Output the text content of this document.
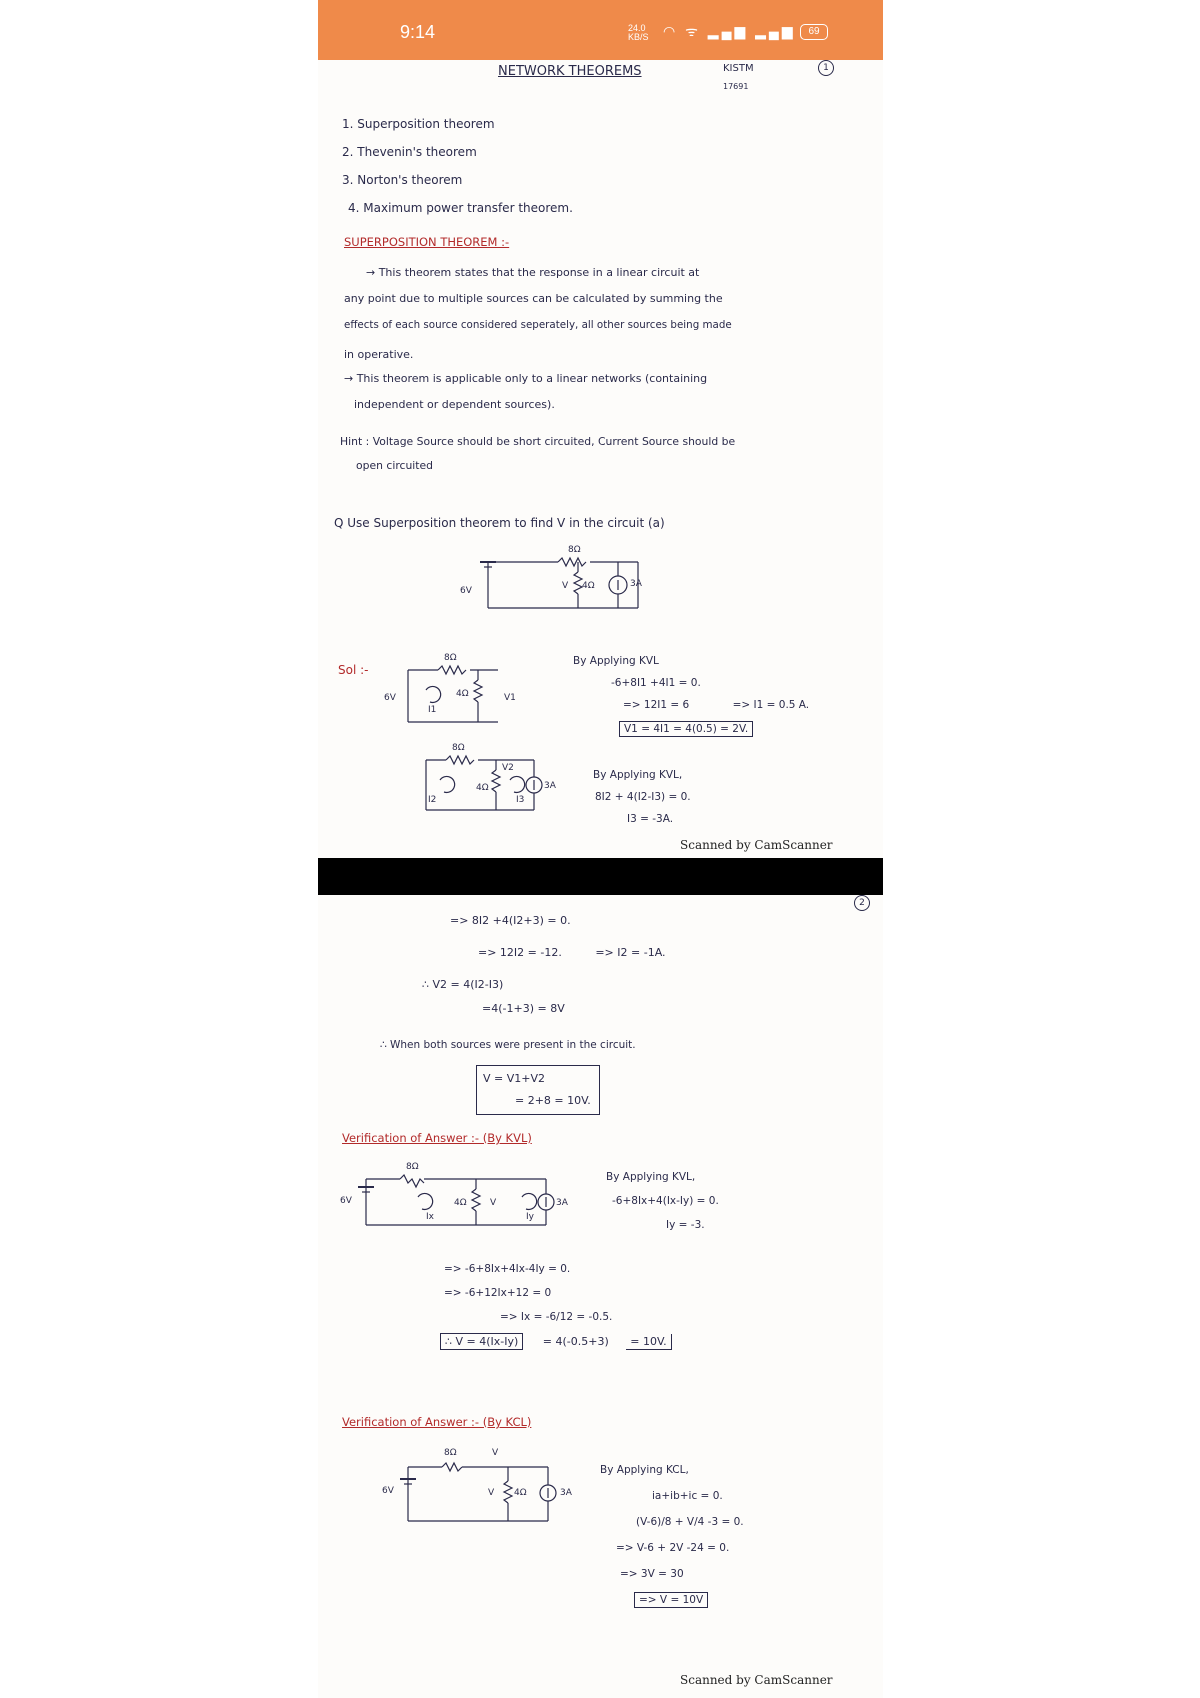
9:14	24.0 KB/S	◠ ᯤ ▂▄▆ ▂▄▆	69
NETWORK THEOREMS	KISTM
17691
1
1. Superposition theorem
2. Thevenin's theorem
3. Norton's theorem
4. Maximum power transfer theorem.
SUPERPOSITION THEOREM :-
→ This theorem states that the response in a linear circuit at
any point due to multiple sources can be calculated by summing the
effects of each source considered seperately, all other sources being made
in operative.
→ This theorem is applicable only to a linear networks (containing
independent or dependent sources).
Hint : Voltage Source should be short circuited, Current Source should be
open circuited
Q Use Superposition theorem to find V in the circuit (a)
8Ω
4Ω
6V
3A
V
Sol :-
6V
8Ω
4Ω
I1
V1
By Applying KVL
-6+8I1 +4I1 = 0.
=> 12I1 = 6	=> I1 = 0.5 A.
V1 = 4I1 = 4(0.5) = 2V.
8Ω
4Ω	3A
I2	I3
V2
By Applying KVL,
8I2 + 4(I2-I3) = 0.
I3 = -3A.
Scanned by CamScanner
2
=> 8I2 +4(I2+3) = 0.
=> 12I2 = -12.	=> I2 = -1A.
∴ V2 = 4(I2-I3)
=4(-1+3) = 8V
∴ When both sources were present in the circuit.
V = V1+V2
= 2+8 = 10V.
Verification of Answer :- (By KVL)
6V
8Ω
4Ω	3A
Ix	Iy
V
By Applying KVL,
-6+8Ix+4(Ix-Iy) = 0.
Iy = -3.
=> -6+8Ix+4Ix-4Iy = 0.
=> -6+12Ix+12 = 0
=> Ix = -6/12 = -0.5.
∴ V = 4(Ix-Iy) = 4(-0.5+3) = 10V.
Verification of Answer :- (By KCL)
6V
8Ω
4Ω	3A
V
V
By Applying KCL,
ia+ib+ic = 0.
(V-6)/8 + V/4 -3 = 0.
=> V-6 + 2V -24 = 0.
=> 3V = 30
=> V = 10V
Scanned by CamScanner
